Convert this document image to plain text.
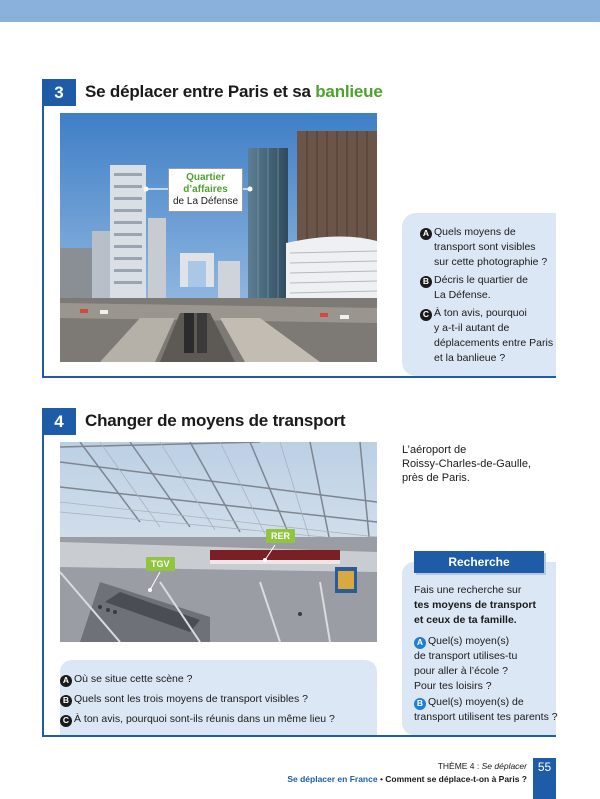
3	Se déplacer entre Paris et sa banlieue
Quartier
d’affaires
de La Défense
A Quels moyens de
transport sont visibles
sur cette photographie ?
B Décris le quartier de
La Défense.
C À ton avis, pourquoi
y a-t-il autant de
déplacements entre Paris
et la banlieue ?
4	Changer de moyens de transport
RER
TGV
L’aéroport de
Roissy-Charles-de-Gaulle,
près de Paris.
A Où se situe cette scène ?
B Quels sont les trois moyens de transport visibles ?
C À ton avis, pourquoi sont-ils réunis dans un même lieu ?
Recherche
Fais une recherche sur
tes moyens de transport
et ceux de ta famille.
A Quel(s) moyen(s)
de transport utilises-tu
pour aller à l’école ?
Pour tes loisirs ?
B Quel(s) moyen(s) de
transport utilisent tes parents ?
THÈME 4 : Se déplacer
Se déplacer en France • Comment se déplace-t-on à Paris ?
55
